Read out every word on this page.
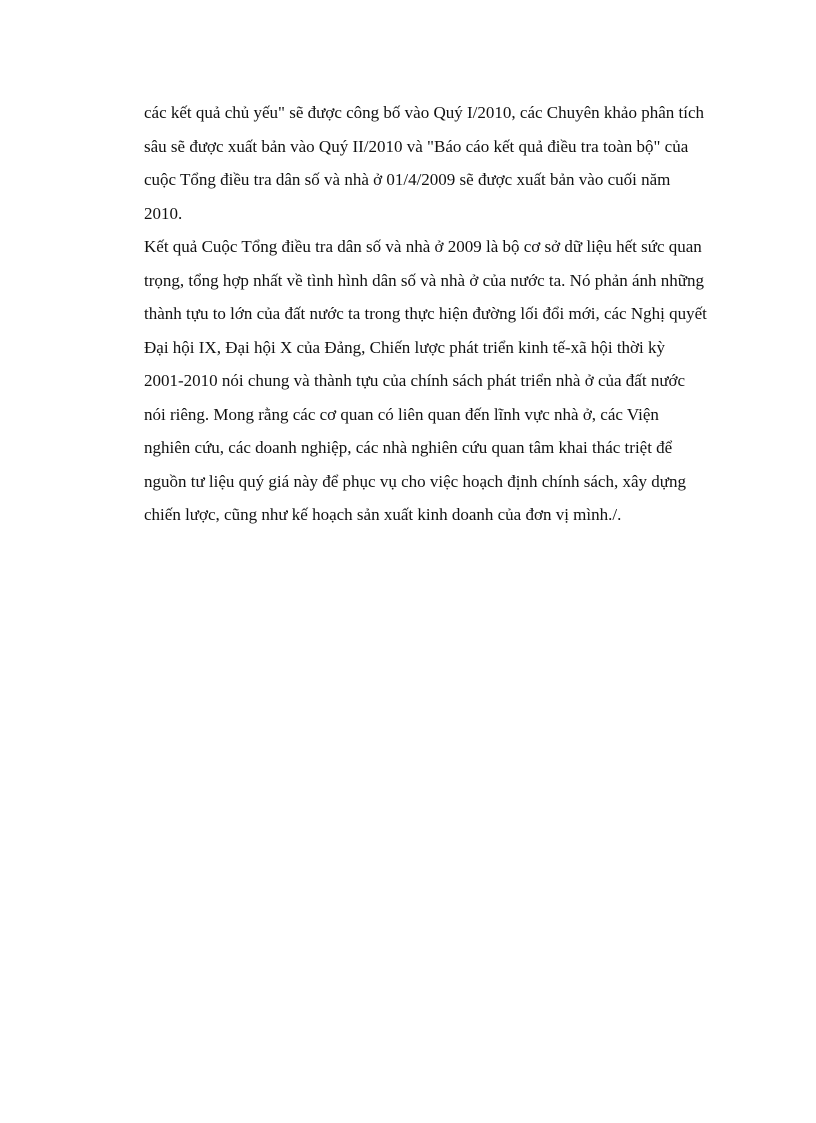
các kết quả chủ yếu" sẽ được công bố vào Quý I/2010, các Chuyên khảo phân tích
sâu sẽ được xuất bản vào Quý II/2010 và "Báo cáo kết quả điều tra toàn bộ" của
cuộc Tổng điều tra dân số và nhà ở 01/4/2009 sẽ được xuất bản vào cuối năm
2010.

Kết quả Cuộc Tổng điều tra dân số và nhà ở 2009 là bộ cơ sở dữ liệu hết sức quan
trọng, tổng hợp nhất về tình hình dân số và nhà ở của nước ta. Nó phản ánh những
thành tựu to lớn của đất nước ta trong thực hiện đường lối đổi mới, các Nghị quyết
Đại hội IX, Đại hội X của Đảng, Chiến lược phát triển kinh tế-xã hội thời kỳ
2001-2010 nói chung và thành tựu của chính sách phát triển nhà ở của đất nước
nói riêng. Mong rằng các cơ quan có liên quan đến lĩnh vực nhà ở, các Viện
nghiên cứu, các doanh nghiệp, các nhà nghiên cứu quan tâm khai thác triệt để
nguồn tư liệu quý giá này để phục vụ cho việc hoạch định chính sách, xây dựng
chiến lược, cũng như kế hoạch sản xuất kinh doanh của đơn vị mình./.
